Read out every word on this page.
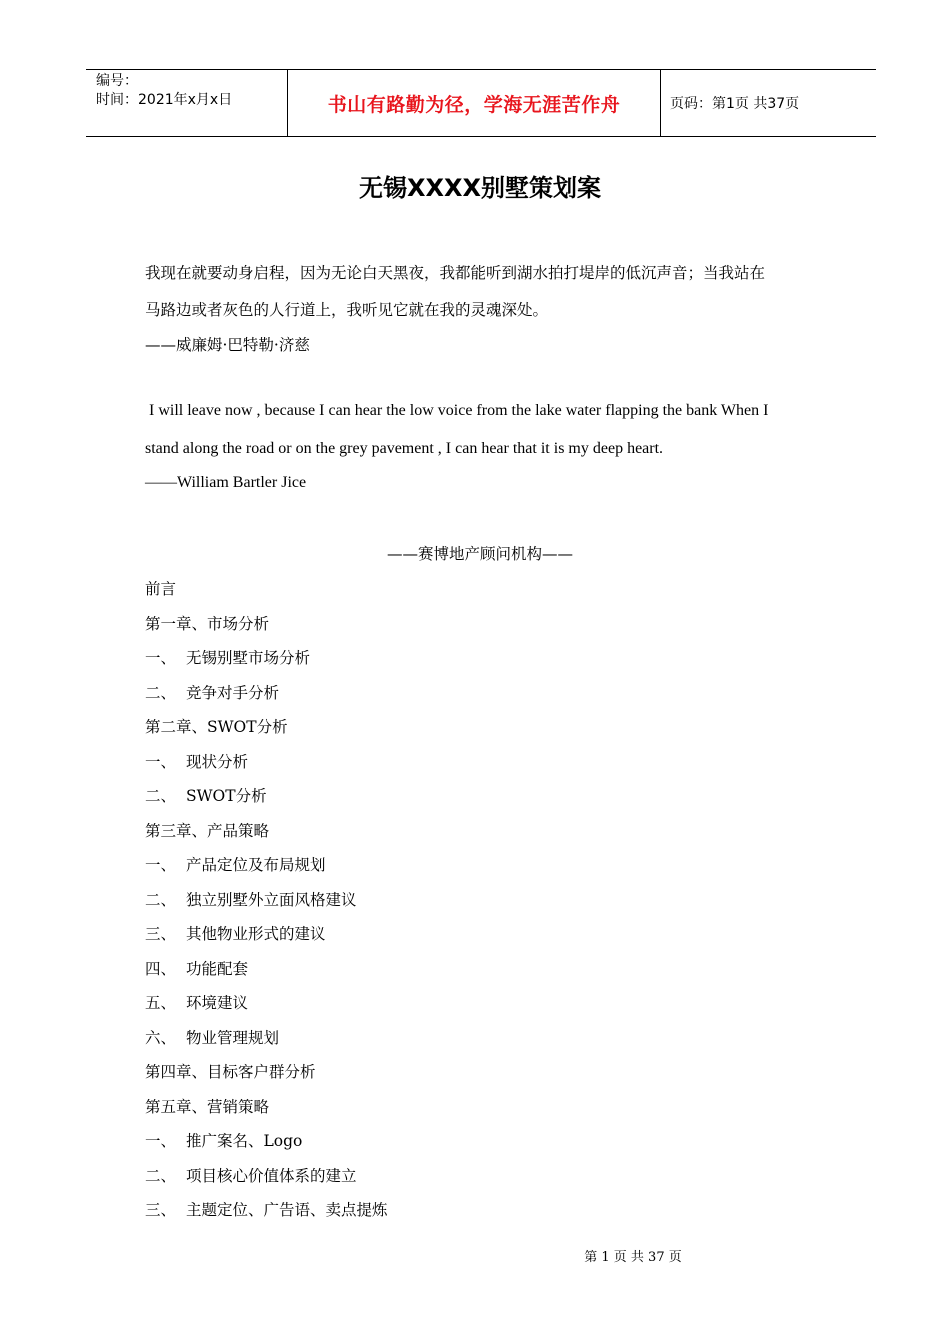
编号：
时间：2021年x月x日	书山有路勤为径，学海无涯苦作舟	页码：第1页 共37页
无锡XXXX别墅策划案
我现在就要动身启程，因为无论白天黑夜，我都能听到湖水拍打堤岸的低沉声音；当我站在
马路边或者灰色的人行道上，我听见它就在我的灵魂深处。
——威廉姆·巴特勒·济慈
I will leave now , because I can hear the low voice from the lake water flapping the bank When I
stand along the road or on the grey pavement , I can hear that it is my deep heart.
——William Bartler Jice
——赛博地产顾问机构——
前言
第一章、市场分析
一、 无锡别墅市场分析
二、 竞争对手分析
第二章、SWOT分析
一、 现状分析
二、 SWOT分析
第三章、产品策略
一、 产品定位及布局规划
二、 独立别墅外立面风格建议
三、 其他物业形式的建议
四、 功能配套
五、 环境建议
六、 物业管理规划
第四章、目标客户群分析
第五章、营销策略
一、 推广案名、Logo
二、 项目核心价值体系的建立
三、 主题定位、广告语、卖点提炼
第 1 页 共 37 页
